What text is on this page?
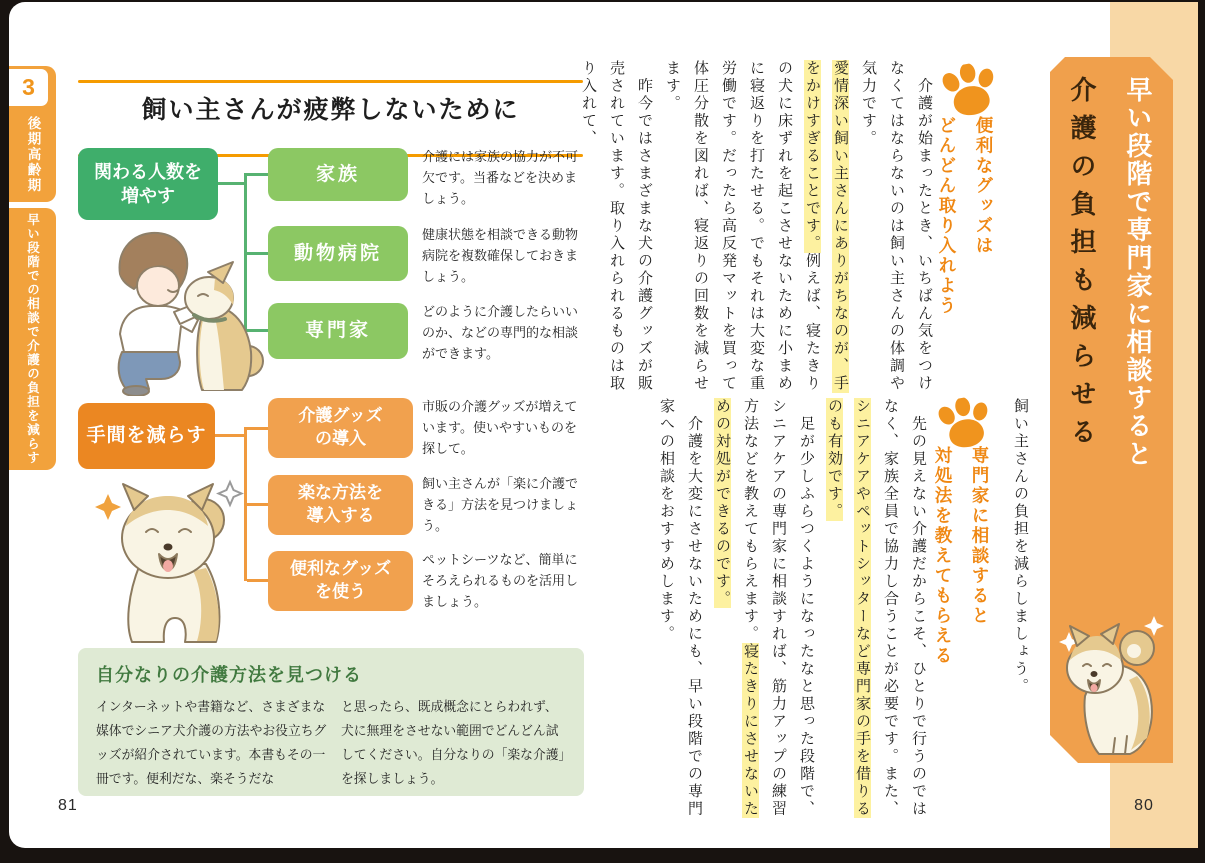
3
後期高齢期
早い段階での相談で介護の負担を減らす
飼い主さんが疲弊しないために
関わる人数を増やす
家族
動物病院
専門家
介護には家族の協力が不可欠です。当番などを決めましょう。
健康状態を相談できる動物病院を複数確保しておきましょう。
どのように介護したらいいのか、などの専門的な相談ができます。
手間を減らす
介護グッズの導入
楽な方法を導入する
便利なグッズを使う
市販の介護グッズが増えています。使いやすいものを探して。
飼い主さんが「楽に介護できる」方法を見つけましょう。
ペットシーツなど、簡単にそろえられるものを活用しましょう。
自分なりの介護方法を見つける
インターネットや書籍など、さまざまな媒体でシニア犬介護の方法やお役立ちグッズが紹介されています。本書もその一冊です。便利だな、楽そうだな
と思ったら、既成概念にとらわれず、犬に無理をさせない範囲でどんどん試してください。自分なりの「楽な介護」を探しましょう。
81
早い段階で専門家に相談すると
介護の負担も減らせる
便利なグッズは
どんどん取り入れよう

　介護が始まったとき、いちばん気をつけなくてはならないのは飼い主さんの体調や気力です。

愛情深い飼い主さんにありがちなのが、手をかけすぎることです。例えば、寝たきりの犬に床ずれを起こさせないために小まめに寝返りを打たせる。でもそれは大変な重労働です。だったら高反発マットを買って体圧分散を図れば、寝返りの回数を減らせます。

　昨今ではさまざまな犬の介護グッズが販売されています。取り入れられるものは取り入れて、

飼い主さんの負担を減らしましょう。

専門家に相談すると
対処法を教えてもらえる

　先の見えない介護だからこそ、ひとりで行うのではなく、家族全員で協力し合うことが必要です。また、シニアケアやペットシッターなど専門家の手を借りるのも有効です。

　足が少しふらつくようになったなと思った段階で、シニアケアの専門家に相談すれば、筋力アップの練習方法などを教えてもらえます。寝たきりにさせないための対処ができるのです。

　介護を大変にさせないためにも、早い段階での専門家への相談をおすすめします。

80
